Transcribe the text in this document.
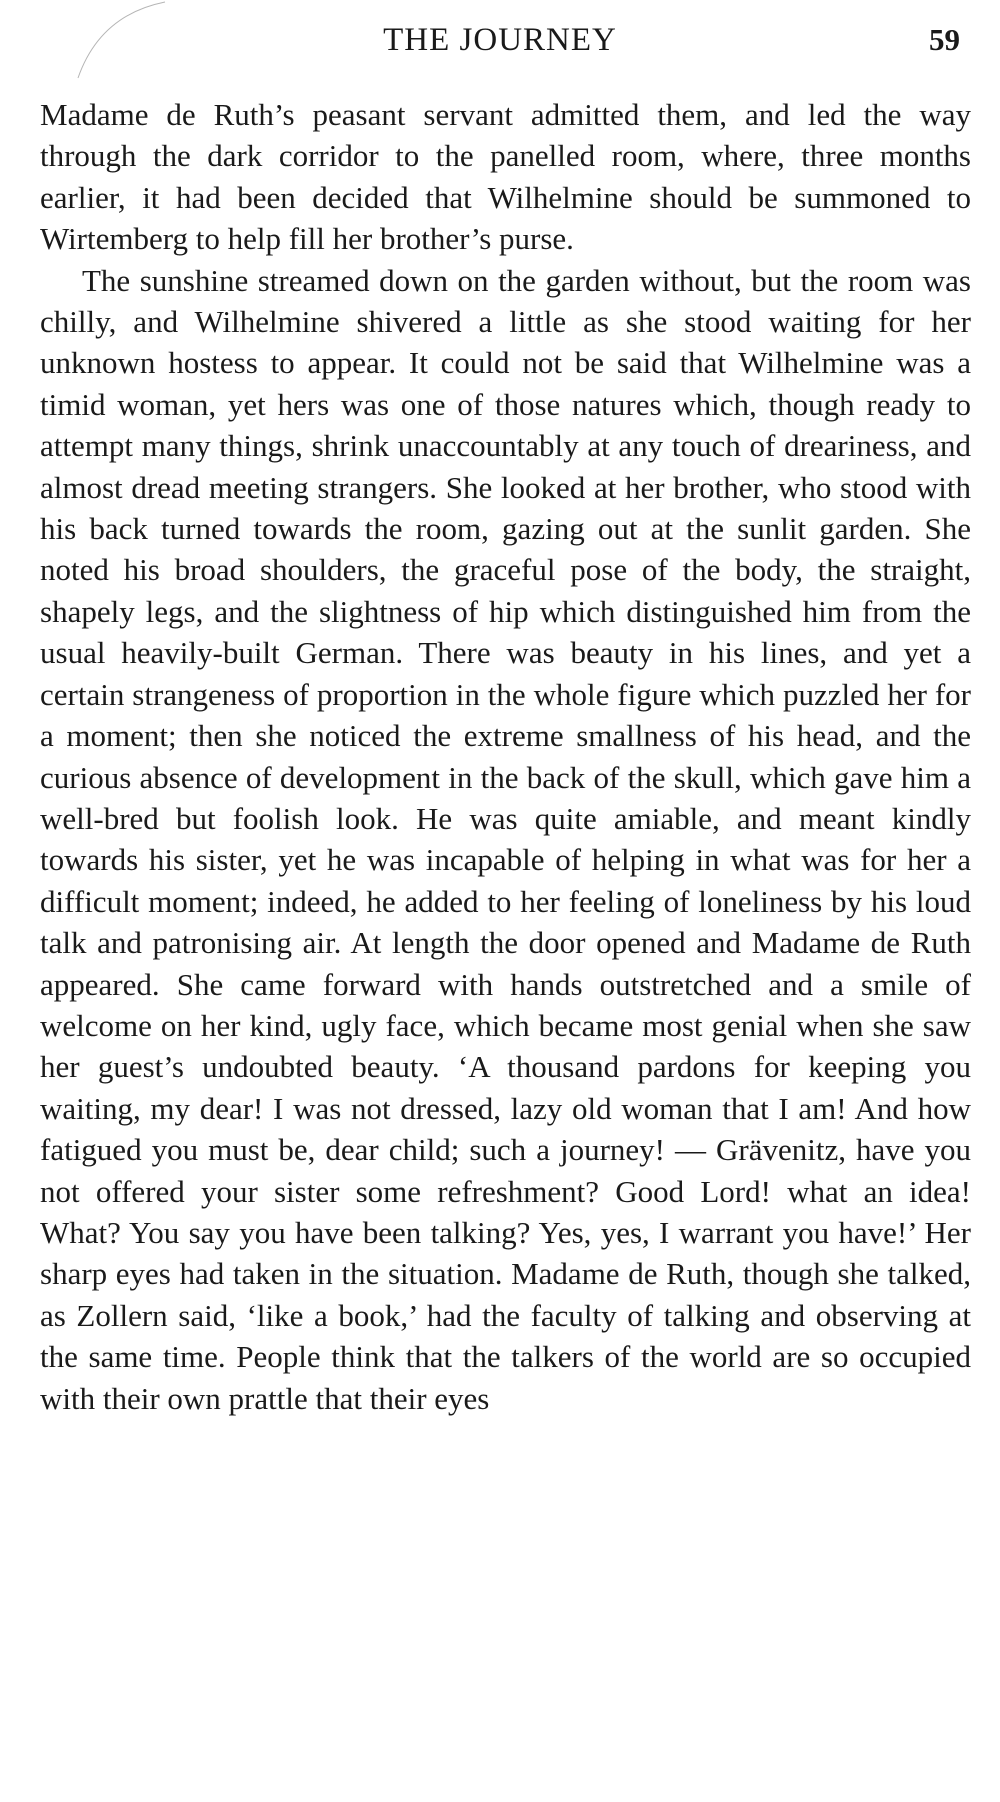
THE JOURNEY	59

Madame de Ruth’s peasant servant admitted them, and led the way through the dark corridor to the panelled room, where, three months earlier, it had been decided that Wilhelmine should be summoned to Wirtemberg to help fill her brother’s purse.

The sunshine streamed down on the garden without, but the room was chilly, and Wilhelmine shivered a little as she stood waiting for her unknown hostess to appear. It could not be said that Wilhelmine was a timid woman, yet hers was one of those natures which, though ready to attempt many things, shrink unaccountably at any touch of dreariness, and almost dread meeting strangers. She looked at her brother, who stood with his back turned towards the room, gazing out at the sunlit garden. She noted his broad shoulders, the graceful pose of the body, the straight, shapely legs, and the slightness of hip which distinguished him from the usual heavily-built German. There was beauty in his lines, and yet a certain strangeness of proportion in the whole figure which puzzled her for a moment; then she noticed the extreme smallness of his head, and the curious absence of development in the back of the skull, which gave him a well-bred but foolish look. He was quite amiable, and meant kindly towards his sister, yet he was incapable of helping in what was for her a difficult moment; indeed, he added to her feeling of loneliness by his loud talk and patronising air. At length the door opened and Madame de Ruth appeared. She came forward with hands outstretched and a smile of welcome on her kind, ugly face, which became most genial when she saw her guest’s undoubted beauty. ‘A thousand pardons for keeping you waiting, my dear! I was not dressed, lazy old woman that I am! And how fatigued you must be, dear child; such a journey! — Grävenitz, have you not offered your sister some refreshment? Good Lord! what an idea! What? You say you have been talking? Yes, yes, I warrant you have!’ Her sharp eyes had taken in the situation. Madame de Ruth, though she talked, as Zollern said, ‘like a book,’ had the faculty of talking and observing at the same time. People think that the talkers of the world are so occupied with their own prattle that their eyes
